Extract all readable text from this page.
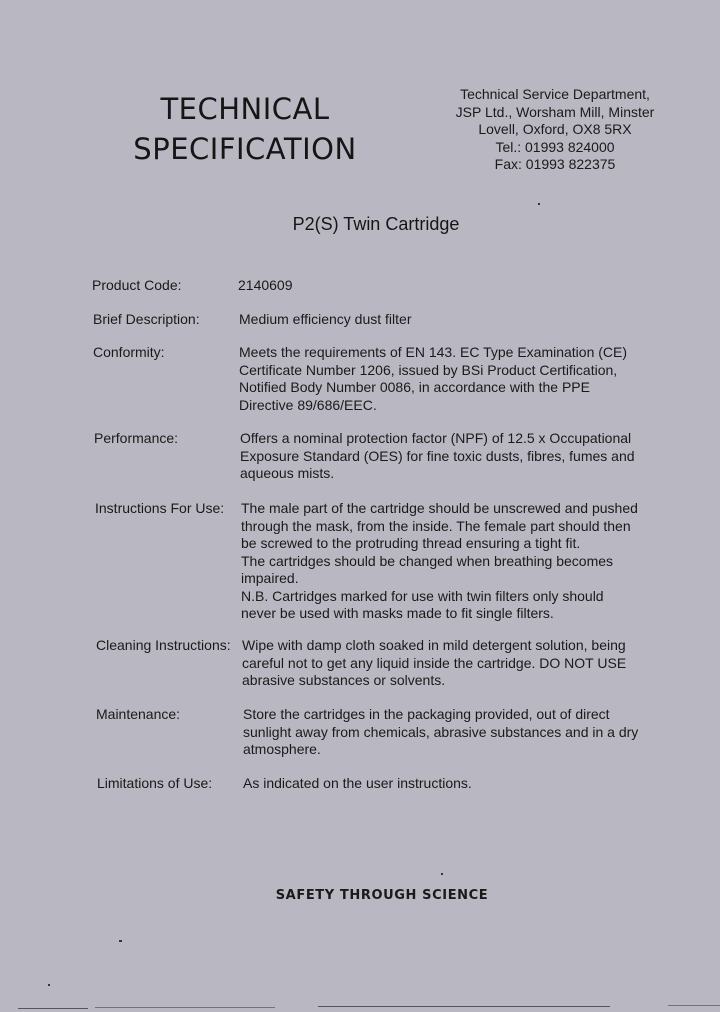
TECHNICAL
SPECIFICATION
Technical Service Department,
JSP Ltd., Worsham Mill, Minster
Lovell, Oxford, OX8 5RX
Tel.: 01993 824000
Fax: 01993 822375
P2(S) Twin Cartridge
Product Code:	2140609
Brief Description:	Medium efficiency dust filter
Conformity:	Meets the requirements of EN 143. EC Type Examination (CE)
Certificate Number 1206, issued by BSi Product Certification,
Notified Body Number 0086, in accordance with the PPE
Directive 89/686/EEC.
Performance:	Offers a nominal protection factor (NPF) of 12.5 x Occupational
Exposure Standard (OES) for fine toxic dusts, fibres, fumes and
aqueous mists.
Instructions For Use: The male part of the cartridge should be unscrewed and pushed
through the mask, from the inside. The female part should then
be screwed to the protruding thread ensuring a tight fit.
The cartridges should be changed when breathing becomes
impaired.
N.B. Cartridges marked for use with twin filters only should
never be used with masks made to fit single filters.
Cleaning Instructions: Wipe with damp cloth soaked in mild detergent solution, being
careful not to get any liquid inside the cartridge. DO NOT USE
abrasive substances or solvents.
Maintenance:	Store the cartridges in the packaging provided, out of direct
sunlight away from chemicals, abrasive substances and in a dry
atmosphere.
Limitations of Use: As indicated on the user instructions.
SAFETY THROUGH SCIENCE
